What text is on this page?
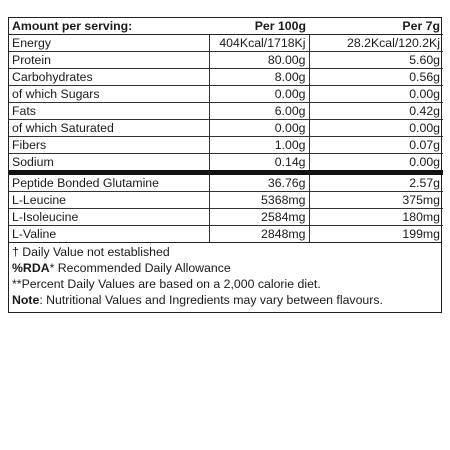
Amount per serving:	Per 100g	Per 7g
Energy	404Kcal/1718Kj	28.2Kcal/120.2Kj
Protein	80.00g	5.60g
Carbohydrates	8.00g	0.56g
of which Sugars	0.00g	0.00g
Fats	6.00g	0.42g
of which Saturated	0.00g	0.00g
Fibers	1.00g	0.07g
Sodium	0.14g	0.00g
Peptide Bonded Glutamine	36.76g	2.57g
L-Leucine	5368mg	375mg
L-Isoleucine	2584mg	180mg
L-Valine	2848mg	199mg
† Daily Value not established
%RDA* Recommended Daily Allowance
**Percent Daily Values are based on a 2,000 calorie diet.
Note: Nutritional Values and Ingredients may vary between flavours.
